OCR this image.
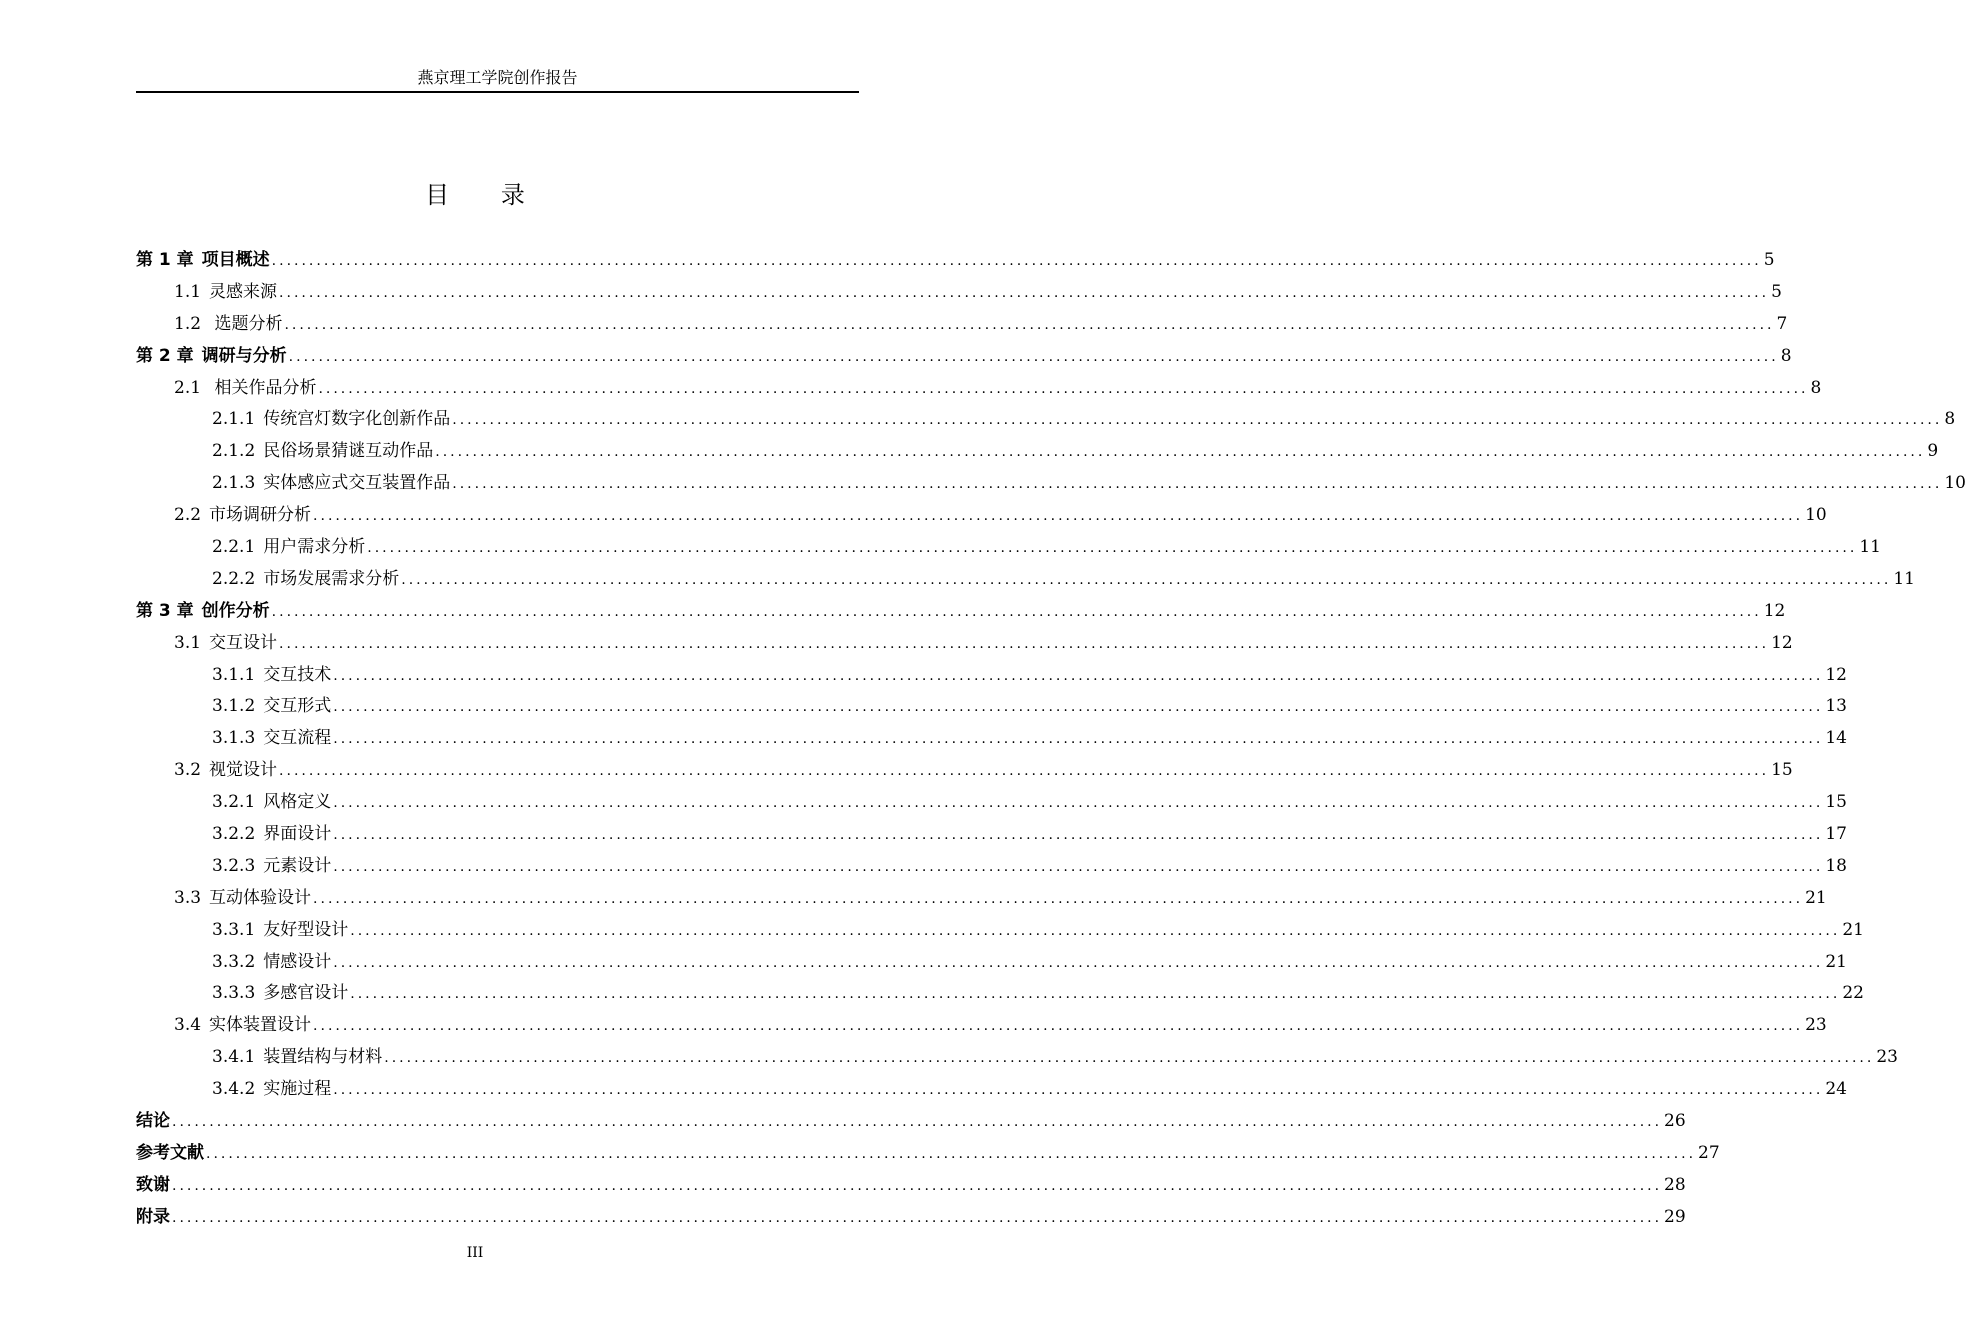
燕京理工学院创作报告
目 录
第 1 章 项目概述 ........................................................................................................................................................................................................ 5
1.1 灵感来源 ........................................................................................................................................................................................................ 5
1.2 选题分析 ........................................................................................................................................................................................................ 7
第 2 章 调研与分析 ........................................................................................................................................................................................................ 8
2.1 相关作品分析 ........................................................................................................................................................................................................ 8
2.1.1 传统宫灯数字化创新作品 ........................................................................................................................................................................................................ 8
2.1.2 民俗场景猜谜互动作品 ........................................................................................................................................................................................................ 9
2.1.3 实体感应式交互装置作品 ........................................................................................................................................................................................................ 10
2.2 市场调研分析 ........................................................................................................................................................................................................ 10
2.2.1 用户需求分析 ........................................................................................................................................................................................................ 11
2.2.2 市场发展需求分析 ........................................................................................................................................................................................................ 11
第 3 章 创作分析 ........................................................................................................................................................................................................ 12
3.1 交互设计 ........................................................................................................................................................................................................ 12
3.1.1 交互技术 ........................................................................................................................................................................................................ 12
3.1.2 交互形式 ........................................................................................................................................................................................................ 13
3.1.3 交互流程 ........................................................................................................................................................................................................ 14
3.2 视觉设计 ........................................................................................................................................................................................................ 15
3.2.1 风格定义 ........................................................................................................................................................................................................ 15
3.2.2 界面设计 ........................................................................................................................................................................................................ 17
3.2.3 元素设计 ........................................................................................................................................................................................................ 18
3.3 互动体验设计 ........................................................................................................................................................................................................ 21
3.3.1 友好型设计 ........................................................................................................................................................................................................ 21
3.3.2 情感设计 ........................................................................................................................................................................................................ 21
3.3.3 多感官设计 ........................................................................................................................................................................................................ 22
3.4 实体装置设计 ........................................................................................................................................................................................................ 23
3.4.1 装置结构与材料 ........................................................................................................................................................................................................ 23
3.4.2 实施过程 ........................................................................................................................................................................................................ 24
结论 ........................................................................................................................................................................................................ 26
参考文献 ........................................................................................................................................................................................................ 27
致谢 ........................................................................................................................................................................................................ 28
附录 ........................................................................................................................................................................................................ 29
III
